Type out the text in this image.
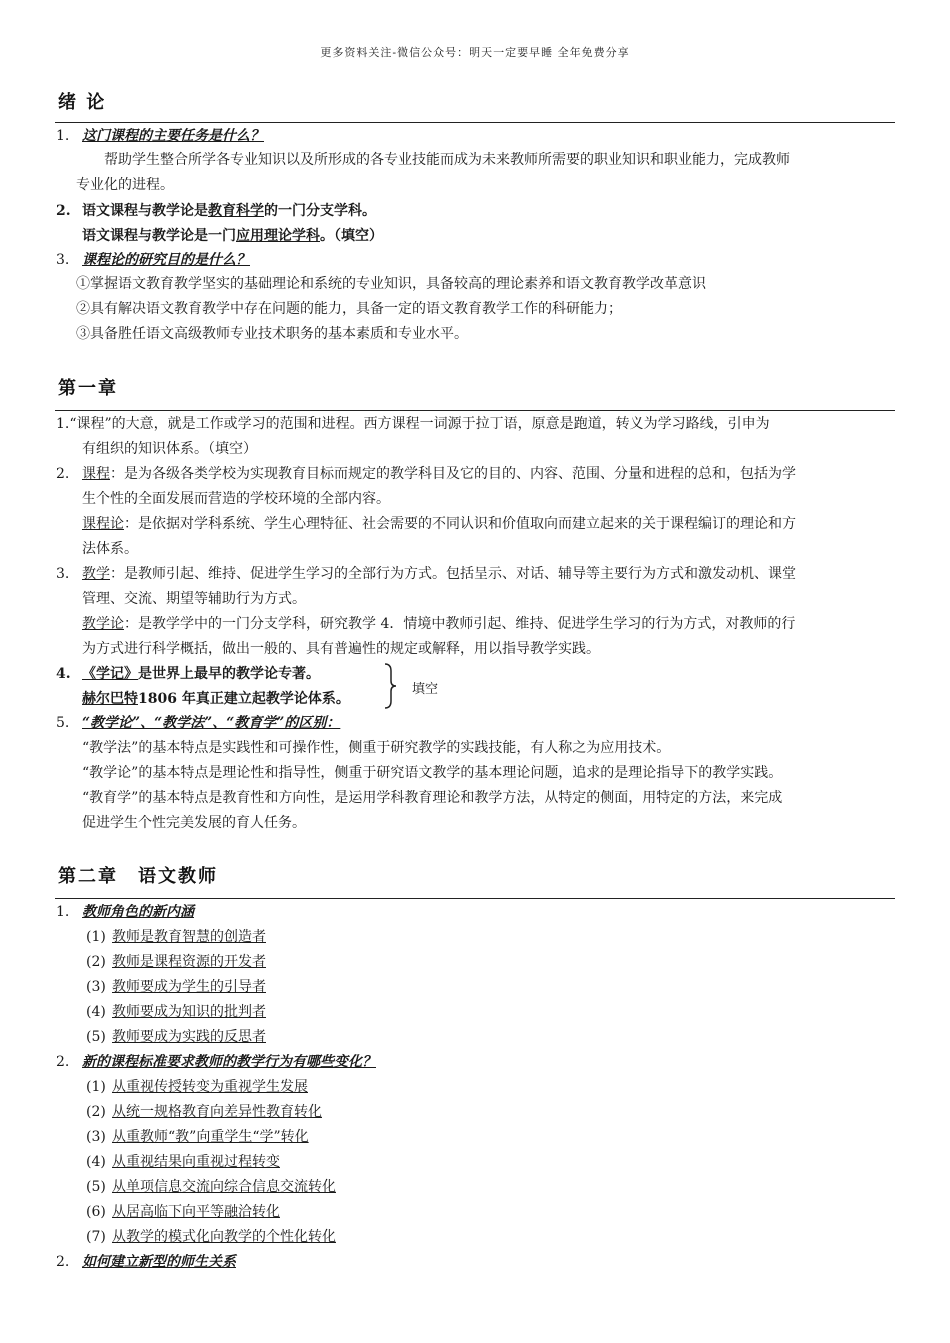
更多资料关注-微信公众号：明天一定要早睡 全年免费分享
绪 论
1. 这门课程的主要任务是什么？
帮助学生整合所学各专业知识以及所形成的各专业技能而成为未来教师所需要的职业知识和职业能力，完成教师
专业化的进程。
2. 语文课程与教学论是教育科学的一门分支学科。
语文课程与教学论是一门应用理论学科。（填空）
3. 课程论的研究目的是什么？
①掌握语文教育教学坚实的基础理论和系统的专业知识，具备较高的理论素养和语文教育教学改革意识
②具有解决语文教育教学中存在问题的能力，具备一定的语文教育教学工作的科研能力；
③具备胜任语文高级教师专业技术职务的基本素质和专业水平。
第一章
1.“课程”的大意，就是工作或学习的范围和进程。西方课程一词源于拉丁语，原意是跑道，转义为学习路线，引申为
有组织的知识体系。（填空）
2. 课程：是为各级各类学校为实现教育目标而规定的教学科目及它的目的、内容、范围、分量和进程的总和，包括为学
生个性的全面发展而营造的学校环境的全部内容。
课程论：是依据对学科系统、学生心理特征、社会需要的不同认识和价值取向而建立起来的关于课程编订的理论和方
法体系。
3. 教学：是教师引起、维持、促进学生学习的全部行为方式。包括呈示、对话、辅导等主要行为方式和激发动机、课堂
管理、交流、期望等辅助行为方式。
教学论：是教学学中的一门分支学科，研究教学 4．情境中教师引起、维持、促进学生学习的行为方式，对教师的行
为方式进行科学概括，做出一般的、具有普遍性的规定或解释，用以指导教学实践。
4. 《学记》是世界上最早的教学论专著。
赫尔巴特1806 年真正建立起教学论体系。
填空
5. “教学论”、“教学法”、“教育学”的区别：
“教学法”的基本特点是实践性和可操作性，侧重于研究教学的实践技能，有人称之为应用技术。
“教学论”的基本特点是理论性和指导性，侧重于研究语文教学的基本理论问题，追求的是理论指导下的教学实践。
“教育学”的基本特点是教育性和方向性，是运用学科教育理论和教学方法，从特定的侧面，用特定的方法，来完成
促进学生个性完美发展的育人任务。
第二章　语文教师
1. 教师角色的新内涵
(1) 教师是教育智慧的创造者
(2) 教师是课程资源的开发者
(3) 教师要成为学生的引导者
(4) 教师要成为知识的批判者
(5) 教师要成为实践的反思者
2. 新的课程标准要求教师的教学行为有哪些变化？
(1) 从重视传授转变为重视学生发展
(2) 从统一规格教育向差异性教育转化
(3) 从重教师“教”向重学生“学”转化
(4) 从重视结果向重视过程转变
(5) 从单项信息交流向综合信息交流转化
(6) 从居高临下向平等融洽转化
(7) 从教学的模式化向教学的个性化转化
2. 如何建立新型的师生关系
